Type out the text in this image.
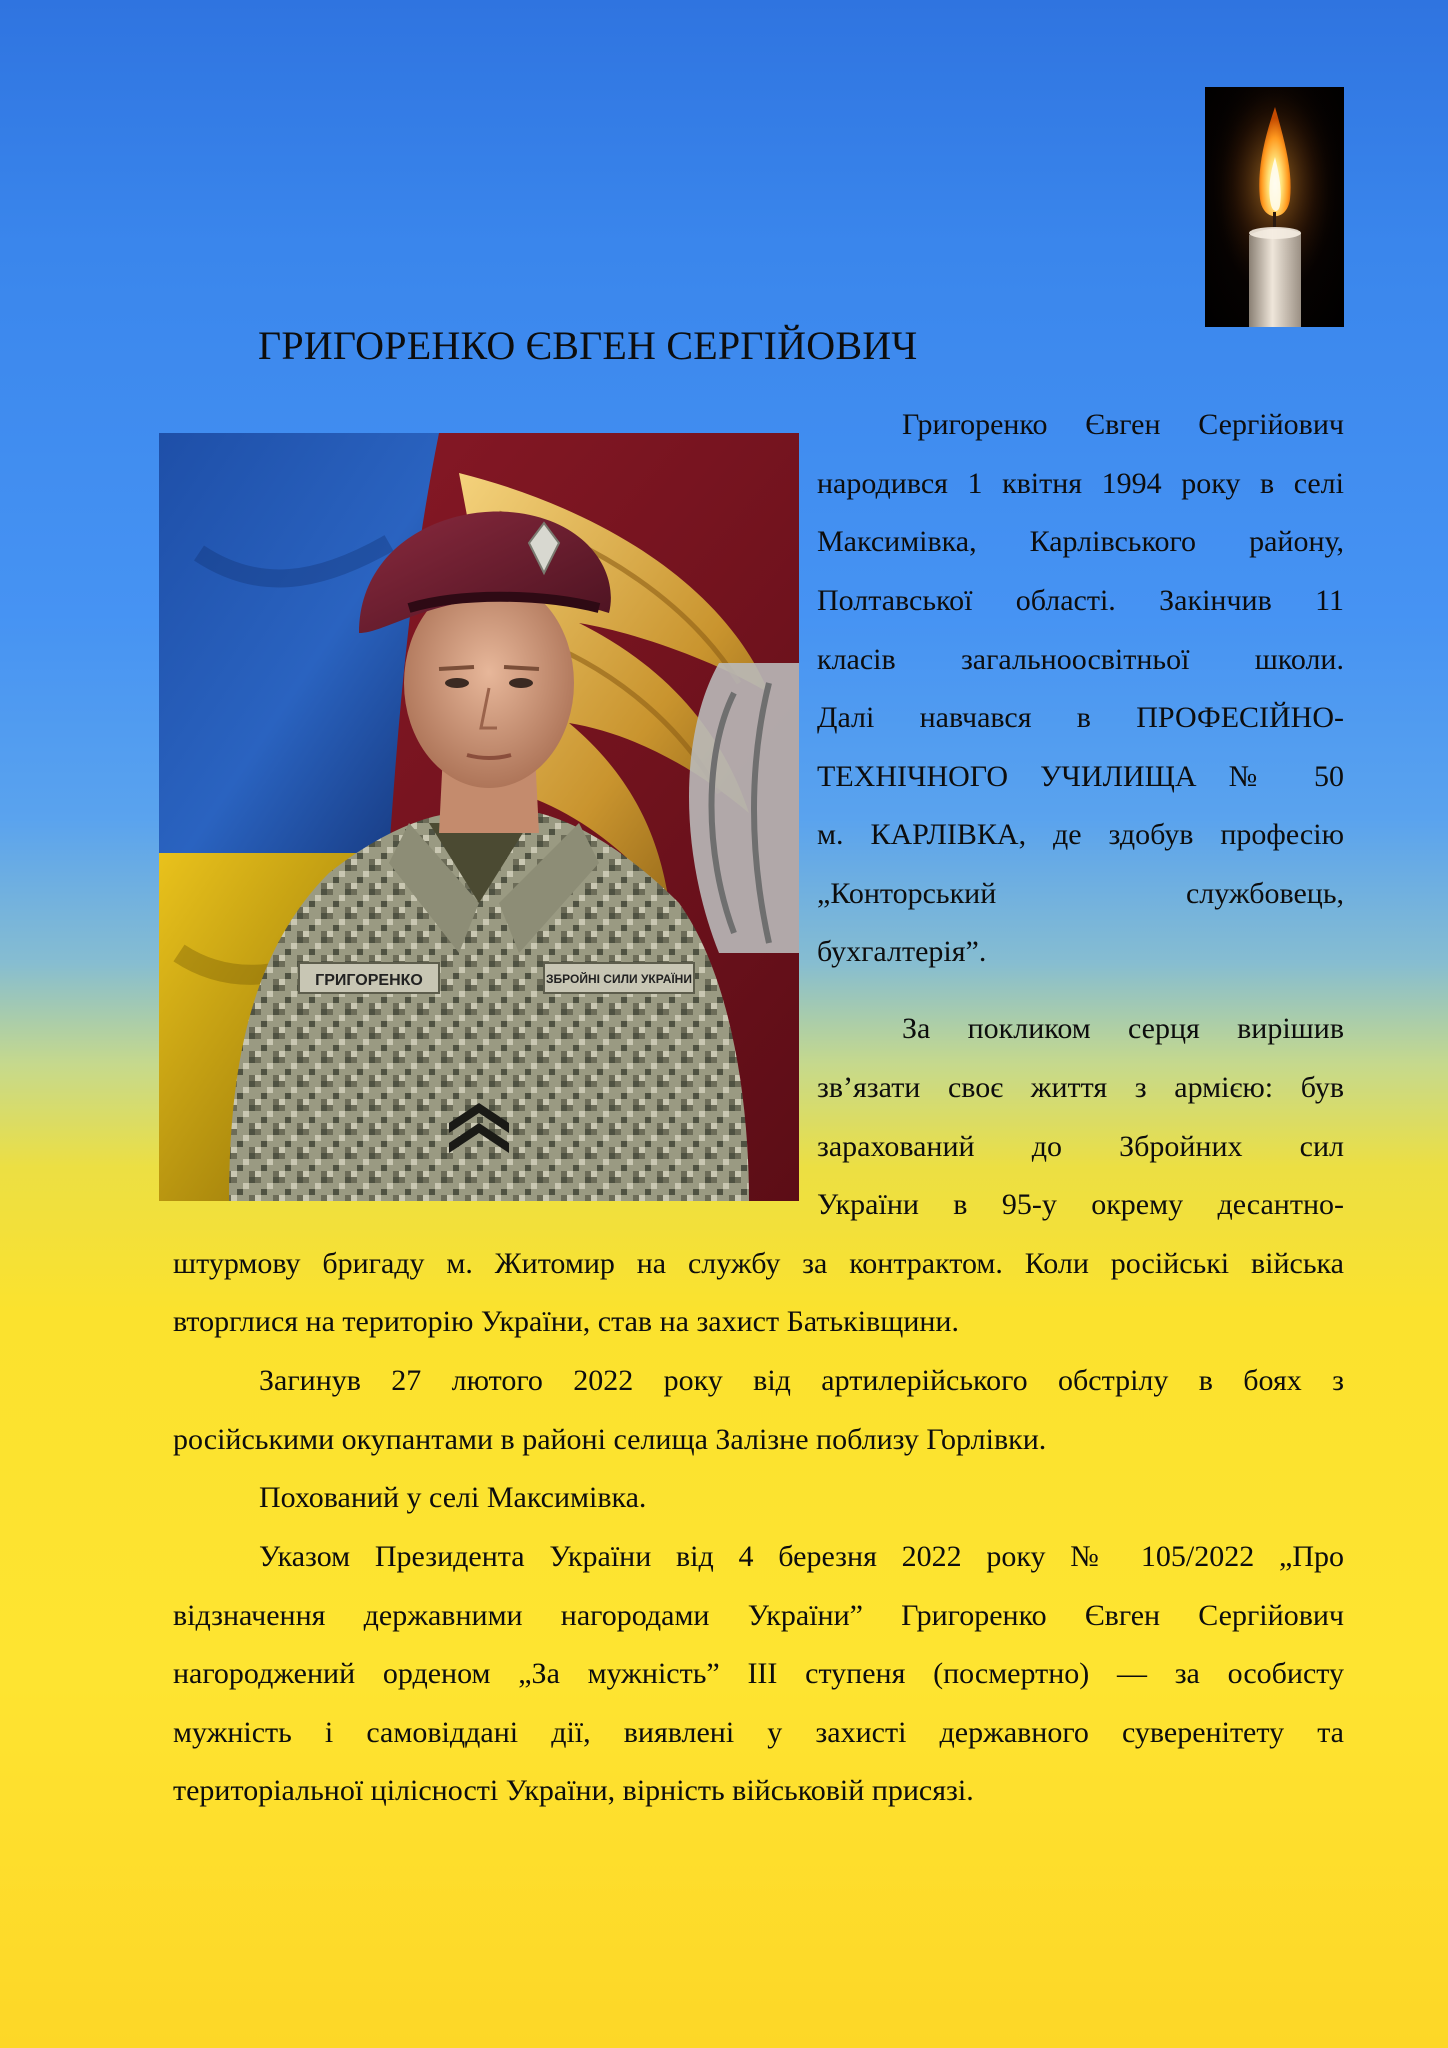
ГРИГОРЕНКО ЄВГЕН СЕРГІЙОВИЧ
ГРИГОРЕНКО	ЗБРОЙНІ СИЛИ УКРАЇНИ
Григоренко Євген Сергійович
народився 1 квітня 1994 року в селі
Максимівка, Карлівського району,
Полтавської області. Закінчив 11
класів загальноосвітньої школи.
Далі навчався в ПРОФЕСІЙНО-
ТЕХНІЧНОГО УЧИЛИЩА № 50
м. КАРЛІВКА, де здобув професію
„Конторський службовець,
бухгалтерія”.
За покликом серця вирішив
зв’язати своє життя з армією: був
зарахований до Збройних сил
України в 95-у окрему десантно-
штурмову бригаду м. Житомир на службу за контрактом. Коли російські війська
вторглися на територію України, став на захист Батьківщини.
Загинув 27 лютого 2022 року від артилерійського обстрілу в боях з
російськими окупантами в районі селища Залізне поблизу Горлівки.
Похований у селі Максимівка.
Указом Президента України від 4 березня 2022 року № 105/2022 „Про
відзначення державними нагородами України” Григоренко Євген Сергійович
нагороджений орденом „За мужність” ІІІ ступеня (посмертно) — за особисту
мужність і самовіддані дії, виявлені у захисті державного суверенітету та
територіальної цілісності України, вірність військовій присязі.
